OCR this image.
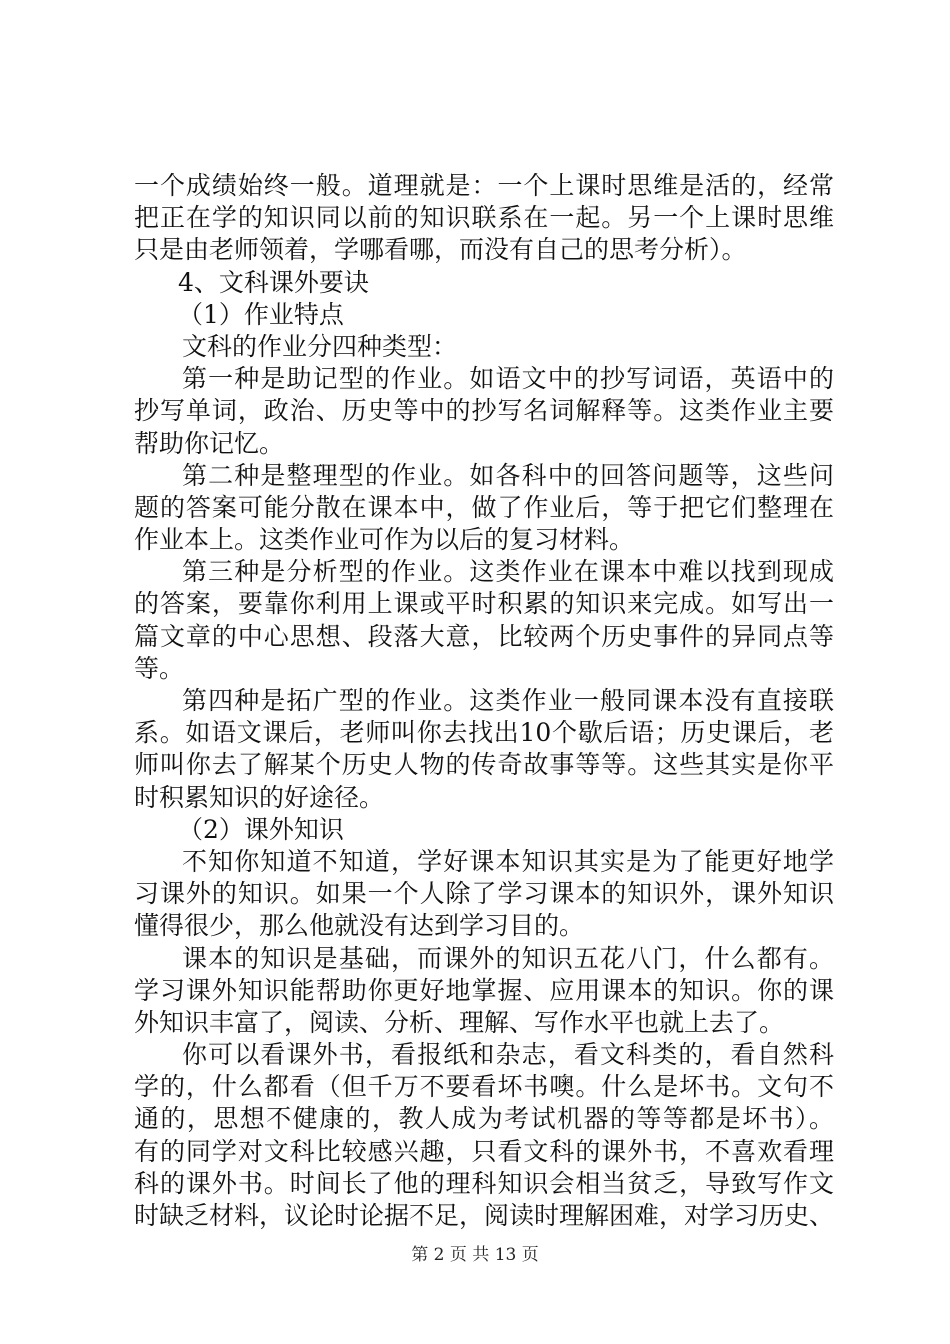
一个成绩始终一般。道理就是：一个上课时思维是活的，经常
把正在学的知识同以前的知识联系在一起。另一个上课时思维
只是由老师领着，学哪看哪，而没有自己的思考分析）。
4、文科课外要诀
（1）作业特点
文科的作业分四种类型：
第一种是助记型的作业。如语文中的抄写词语，英语中的
抄写单词，政治、历史等中的抄写名词解释等。这类作业主要
帮助你记忆。
第二种是整理型的作业。如各科中的回答问题等，这些问
题的答案可能分散在课本中，做了作业后，等于把它们整理在
作业本上。这类作业可作为以后的复习材料。
第三种是分析型的作业。这类作业在课本中难以找到现成
的答案，要靠你利用上课或平时积累的知识来完成。如写出一
篇文章的中心思想、段落大意，比较两个历史事件的异同点等
等。
第四种是拓广型的作业。这类作业一般同课本没有直接联
系。如语文课后，老师叫你去找出10个歇后语；历史课后，老
师叫你去了解某个历史人物的传奇故事等等。这些其实是你平
时积累知识的好途径。
（2）课外知识
不知你知道不知道，学好课本知识其实是为了能更好地学
习课外的知识。如果一个人除了学习课本的知识外，课外知识
懂得很少，那么他就没有达到学习目的。
课本的知识是基础，而课外的知识五花八门，什么都有。
学习课外知识能帮助你更好地掌握、应用课本的知识。你的课
外知识丰富了，阅读、分析、理解、写作水平也就上去了。
你可以看课外书，看报纸和杂志，看文科类的，看自然科
学的，什么都看（但千万不要看坏书噢。什么是坏书。文句不
通的，思想不健康的，教人成为考试机器的等等都是坏书）。
有的同学对文科比较感兴趣，只看文科的课外书，不喜欢看理
科的课外书。时间长了他的理科知识会相当贫乏，导致写作文
时缺乏材料，议论时论据不足，阅读时理解困难，对学习历史、
第 2 页 共 13 页
